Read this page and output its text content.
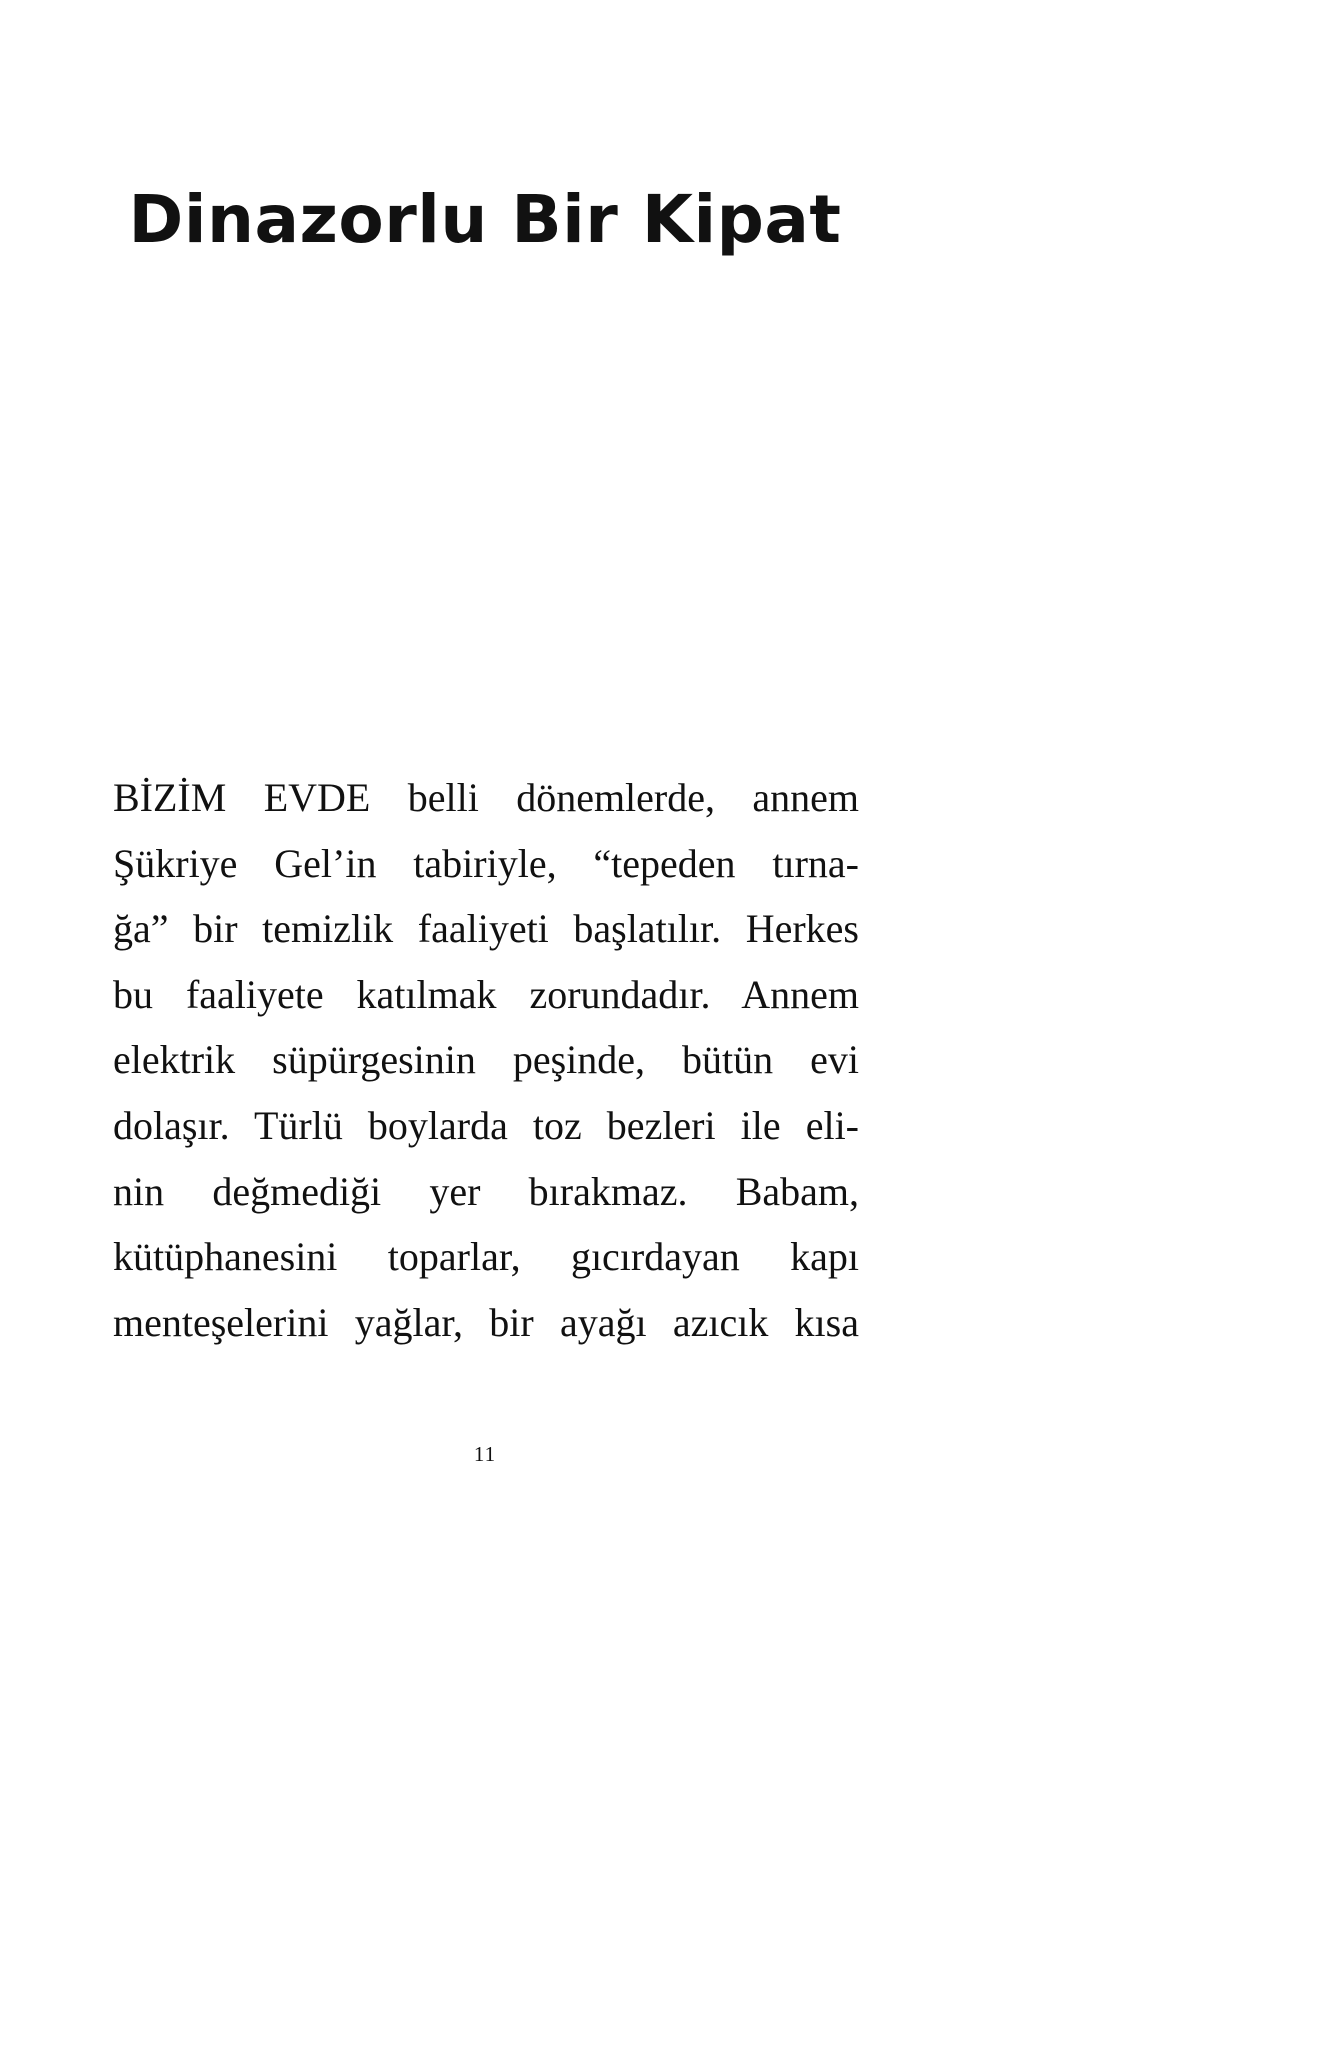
Dinazorlu Bir Kipat
BİZİM EVDE belli dönemlerde, annem
Şükriye Gel’in tabiriyle, “tepeden tırna-
ğa” bir temizlik faaliyeti başlatılır. Herkes
bu faaliyete katılmak zorundadır. Annem
elektrik süpürgesinin peşinde, bütün evi
dolaşır. Türlü boylarda toz bezleri ile eli-
nin değmediği yer bırakmaz. Babam,
kütüphanesini toparlar, gıcırdayan kapı
menteşelerini yağlar, bir ayağı azıcık kısa
11
